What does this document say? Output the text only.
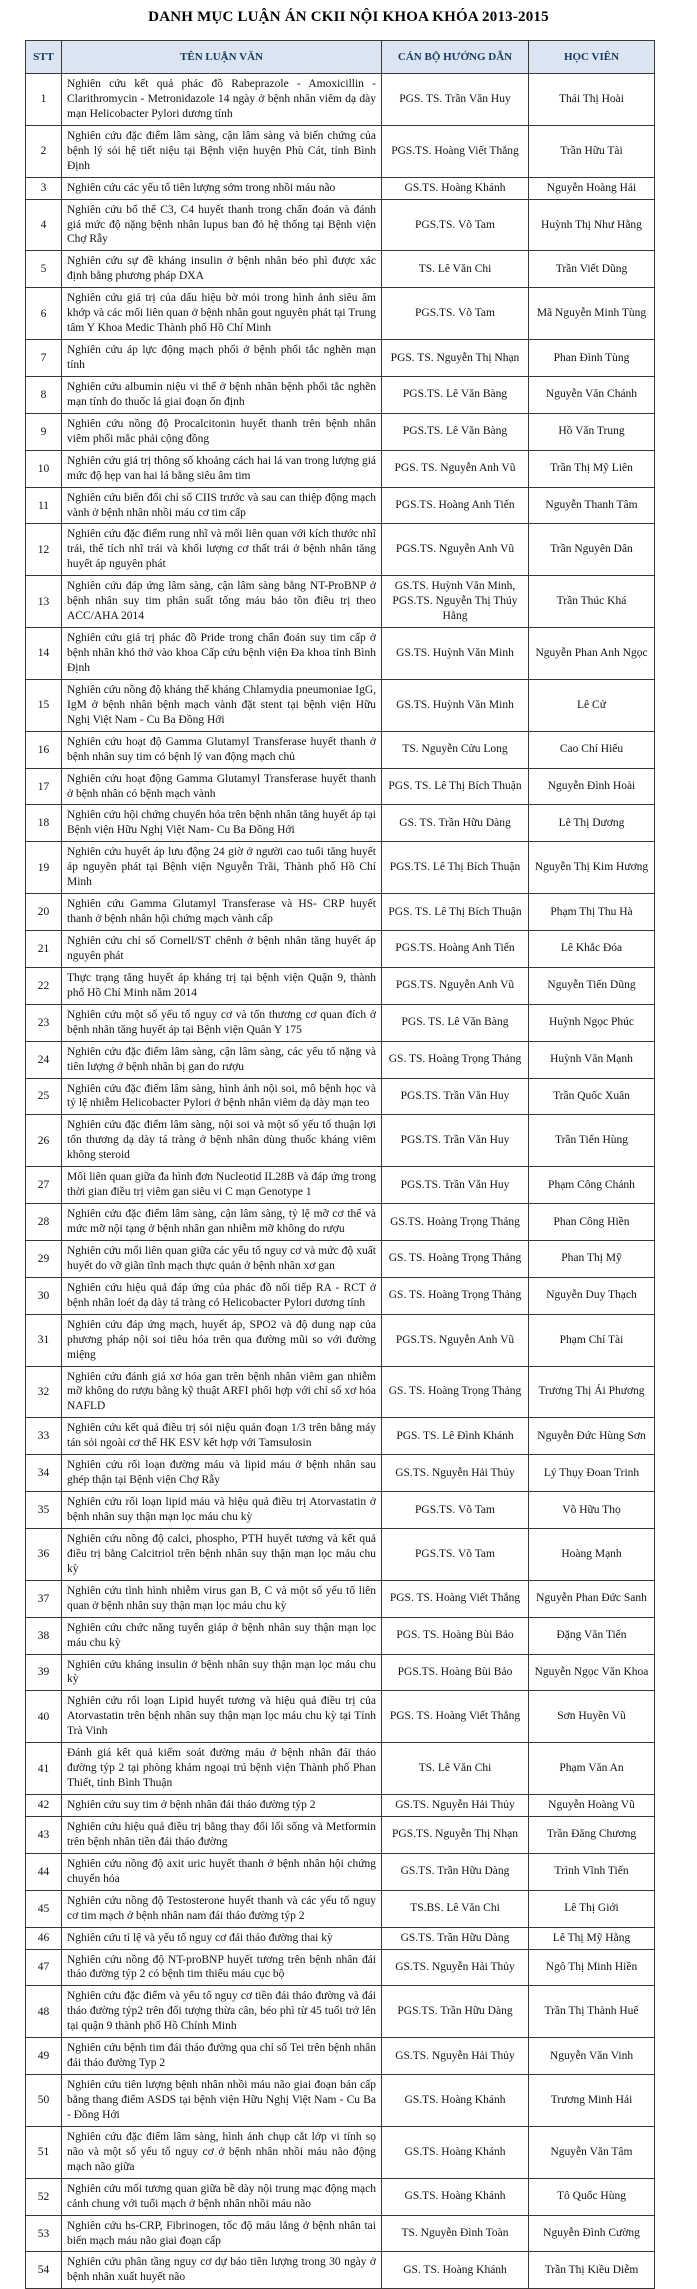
DANH MỤC LUẬN ÁN CKII NỘI KHOA KHÓA 2013-2015
STT	TÊN LUẬN VĂN	CÁN BỘ HƯỚNG DẪN	HỌC VIÊN
1	Nghiên cứu kết quả phác đồ Rabeprazole - Amoxicillin - Clarithromycin - Metronidazole 14 ngày ở bệnh nhân viêm dạ dày mạn Helicobacter Pylori dương tính	PGS. TS. Trần Văn Huy	Thái Thị Hoài
2	Nghiên cứu đặc điểm lâm sàng, cận lâm sàng và biến chứng của bệnh lý sỏi hệ tiết niệu tại Bệnh viện huyện Phù Cát, tỉnh Bình Định	PGS.TS. Hoàng Viết Thắng	Trần Hữu Tài
3	Nghiên cứu các yếu tố tiên lượng sớm trong nhồi máu não	GS.TS. Hoàng Khánh	Nguyễn Hoàng Hải
4	Nghiên cứu bổ thể C3, C4 huyết thanh trong chẩn đoán và đánh giá mức độ nặng bệnh nhân lupus ban đỏ hệ thống tại Bệnh viện Chợ Rẫy	PGS.TS. Võ Tam	Huỳnh Thị Như Hằng
5	Nghiên cứu sự đề kháng insulin ở bệnh nhân béo phì được xác định bằng phương pháp DXA	TS. Lê Văn Chi	Trần Viết Dũng
6	Nghiên cứu giá trị của dấu hiệu bờ mỏi trong hình ảnh siêu âm khớp và các mối liên quan ở bệnh nhân gout nguyên phát tại Trung tâm Y Khoa Medic Thành phố Hồ Chí Minh	PGS.TS. Võ Tam	Mã Nguyễn Minh Tùng
7	Nghiên cứu áp lực động mạch phổi ở bệnh phổi tắc nghẽn mạn tính	PGS. TS. Nguyễn Thị Nhạn	Phan Đình Tùng
8	Nghiên cứu albumin niệu vi thể ở bệnh nhân bệnh phổi tắc nghẽn mạn tính do thuốc lá giai đoạn ổn định	PGS.TS. Lê Văn Bàng	Nguyễn Văn Chánh
9	Nghiên cứu nồng độ Procalcitonin huyết thanh trên bệnh nhân viêm phổi mắc phải cộng đồng	PGS.TS. Lê Văn Bàng	Hồ Văn Trung
10	Nghiên cứu giá trị thông số khoảng cách hai lá van trong lượng giá mức độ hẹp van hai lá bằng siêu âm tim	PGS. TS. Nguyễn Anh Vũ	Trần Thị Mỹ Liên
11	Nghiên cứu biến đổi chỉ số CIIS trước và sau can thiệp động mạch vành ở bệnh nhân nhồi máu cơ tim cấp	PGS.TS. Hoàng Anh Tiến	Nguyễn Thanh Tâm
12	Nghiên cứu đặc điểm rung nhĩ và mối liên quan với kích thước nhĩ trái, thể tích nhĩ trái và khối lượng cơ thất trái ở bệnh nhân tăng huyết áp nguyên phát	PGS.TS. Nguyễn Anh Vũ	Trần Nguyên Dân
13	Nghiên cứu đáp ứng lâm sàng, cận lâm sàng bằng NT-ProBNP ở bệnh nhân suy tim phân suất tống máu bảo tồn điều trị theo ACC/AHA 2014	GS.TS. Huỳnh Văn Minh, PGS.TS. Nguyễn Thị Thúy Hằng	Trần Thúc Khá
14	Nghiên cứu giá trị phác đồ Pride trong chẩn đoán suy tim cấp ở bệnh nhân khó thở vào khoa Cấp cứu bệnh viện Đa khoa tỉnh Bình Định	GS.TS. Huỳnh Văn Minh	Nguyễn Phan Anh Ngọc
15	Nghiên cứu nồng độ kháng thể kháng Chlamydia pneumoniae IgG, IgM ở bệnh nhân bệnh mạch vành đặt stent tại bệnh viện Hữu Nghị Việt Nam - Cu Ba Đồng Hới	GS.TS. Huỳnh Văn Minh	Lê Cử
16	Nghiên cứu hoạt độ Gamma Glutamyl Transferase huyết thanh ở bệnh nhân suy tim có bệnh lý van động mạch chủ	TS. Nguyễn Cửu Long	Cao Chí Hiếu
17	Nghiên cứu hoạt động Gamma Glutamyl Transferase huyết thanh ở bệnh nhân có bệnh mạch vành	PGS. TS. Lê Thị Bích Thuận	Nguyễn Đình Hoài
18	Nghiên cứu hội chứng chuyển hóa trên bệnh nhân tăng huyết áp tại Bệnh viện Hữu Nghị Việt Nam- Cu Ba Đồng Hới	GS. TS. Trần Hữu Dàng	Lê Thị Dương
19	Nghiên cứu huyết áp lưu động 24 giờ ở người cao tuổi tăng huyết áp nguyên phát tại Bệnh viện Nguyễn Trãi, Thành phố Hồ Chí Minh	PGS.TS. Lê Thị Bích Thuận	Nguyễn Thị Kim Hương
20	Nghiên cứu Gamma Glutamyl Transferase và HS- CRP huyết thanh ở bệnh nhân hội chứng mạch vành cấp	PGS. TS. Lê Thị Bích Thuận	Phạm Thị Thu Hà
21	Nghiên cứu chỉ số Cornell/ST chênh ở bệnh nhân tăng huyết áp nguyên phát	PGS.TS. Hoàng Anh Tiến	Lê Khắc Đóa
22	Thực trạng tăng huyết áp kháng trị tại bệnh viện Quận 9, thành phố Hồ Chí Minh năm 2014	PGS.TS. Nguyễn Anh Vũ	Nguyễn Tiến Dũng
23	Nghiên cứu một số yếu tố nguy cơ và tổn thương cơ quan đích ở bệnh nhân tăng huyết áp tại Bệnh viện Quân Y 175	PGS. TS. Lê Văn Bàng	Huỳnh Ngọc Phúc
24	Nghiên cứu đặc điểm lâm sàng, cận lâm sàng, các yếu tố nặng và tiên lượng ở bệnh nhân bị gan do rượu	GS. TS. Hoàng Trọng Thảng	Huỳnh Văn Mạnh
25	Nghiên cứu đặc điểm lâm sàng, hình ảnh nội soi, mô bệnh học và tỷ lệ nhiễm Helicobacter Pylori ở bệnh nhân viêm dạ dày mạn teo	PGS.TS. Trần Văn Huy	Trần Quốc Xuân
26	Nghiên cứu đặc điểm lâm sàng, nội soi và một số yếu tố thuận lợi tổn thương dạ dày tá tràng ở bệnh nhân dùng thuốc kháng viêm không steroid	PGS.TS. Trần Văn Huy	Trần Tiến Hùng
27	Mối liên quan giữa đa hình đơn Nucleotid IL28B và đáp ứng trong thời gian điều trị viêm gan siêu vi C mạn Genotype 1	PGS.TS. Trần Văn Huy	Phạm Công Chánh
28	Nghiên cứu đặc điểm lâm sàng, cận lâm sàng, tỷ lệ mỡ cơ thể và mức mỡ nội tạng ở bệnh nhân gan nhiễm mỡ không do rượu	GS.TS. Hoàng Trọng Thảng	Phan Công Hiền
29	Nghiên cứu mối liên quan giữa các yếu tố nguy cơ và mức độ xuất huyết do vỡ giãn tĩnh mạch thực quản ở bệnh nhân xơ gan	GS. TS. Hoàng Trọng Thảng	Phan Thị Mỹ
30	Nghiên cứu hiệu quả đáp ứng của phác đồ nối tiếp RA - RCT ở bệnh nhân loét dạ dày tá tràng có Helicobacter Pylori dương tính	GS. TS. Hoàng Trọng Thảng	Nguyễn Duy Thạch
31	Nghiên cứu đáp ứng mạch, huyết áp, SPO2 và độ dung nạp của phương pháp nội soi tiêu hóa trên qua đường mũi so với đường miệng	PGS.TS. Nguyễn Anh Vũ	Phạm Chí Tài
32	Nghiên cứu đánh giá xơ hóa gan trên bệnh nhân viêm gan nhiễm mỡ không do rượu bằng kỹ thuật ARFI phối hợp với chỉ số xơ hóa NAFLD	GS. TS. Hoàng Trọng Thảng	Trương Thị Ái Phương
33	Nghiên cứu kết quả điều trị sỏi niệu quản đoạn 1/3 trên bằng máy tán sỏi ngoài cơ thể HK ESV kết hợp với Tamsulosin	PGS. TS. Lê Đình Khánh	Nguyễn Đức Hùng Sơn
34	Nghiên cứu rối loạn đường máu và lipid máu ở bệnh nhân sau ghép thận tại Bệnh viện Chợ Rẫy	GS.TS. Nguyễn Hải Thủy	Lý Thụy Đoan Trinh
35	Nghiên cứu rối loạn lipid máu và hiệu quả điều trị Atorvastatin ở bệnh nhân suy thận mạn lọc máu chu kỳ	PGS.TS. Võ Tam	Võ Hữu Thọ
36	Nghiên cứu nồng độ calci, phospho, PTH huyết tương và kết quả điều trị bằng Calcitriol trên bệnh nhân suy thận mạn lọc máu chu kỳ	PGS.TS. Võ Tam	Hoàng Mạnh
37	Nghiên cứu tình hình nhiễm virus gan B, C và một số yếu tố liên quan ở bệnh nhân suy thận mạn lọc máu chu kỳ	PGS. TS. Hoàng Viết Thắng	Nguyễn Phan Đức Sanh
38	Nghiên cứu chức năng tuyến giáp ở bệnh nhân suy thận mạn lọc máu chu kỳ	PGS. TS. Hoàng Bùi Bảo	Đặng Văn Tiến
39	Nghiên cứu kháng insulin ở bệnh nhân suy thận mạn lọc máu chu kỳ	PGS.TS. Hoàng Bùi Bảo	Nguyễn Ngọc Văn Khoa
40	Nghiên cứu rối loạn Lipid huyết tương và hiệu quả điều trị của Atorvastatin trên bệnh nhân suy thận mạn lọc máu chu kỳ tại Tỉnh Trà Vinh	PGS. TS. Hoàng Viết Thắng	Sơn Huyền Vũ
41	Đánh giá kết quả kiểm soát đường máu ở bệnh nhân đái tháo đường týp 2 tại phòng khám ngoại trú bệnh viện Thành phố Phan Thiết, tỉnh Bình Thuận	TS. Lê Văn Chi	Phạm Văn An
42	Nghiên cứu suy tim ở bệnh nhân đái tháo đường týp 2	GS.TS. Nguyễn Hải Thủy	Nguyễn Hoàng Vũ
43	Nghiên cứu hiệu quả điều trị bằng thay đổi lối sống và Metformin trên bệnh nhân tiền đái tháo đường	PGS.TS. Nguyễn Thị Nhạn	Trần Đăng Chương
44	Nghiên cứu nồng độ axit uric huyết thanh ở bệnh nhân hội chứng chuyển hóa	GS.TS. Trần Hữu Dàng	Trình Vĩnh Tiến
45	Nghiên cứu nồng độ Testosterone huyết thanh và các yếu tố nguy cơ tim mạch ở bệnh nhân nam đái tháo đường týp 2	TS.BS. Lê Văn Chi	Lê Thị Giới
46	Nghiên cứu tỉ lệ và yếu tố nguy cơ đái tháo đường thai kỳ	GS.TS. Trần Hữu Dàng	Lê Thị Mỹ Hằng
47	Nghiên cứu nồng độ NT-proBNP huyết tương trên bệnh nhân đái tháo đường týp 2 có bệnh tim thiếu máu cục bộ	GS.TS. Nguyễn Hải Thủy	Ngô Thị Minh Hiền
48	Nghiên cứu đặc điểm và yếu tố nguy cơ tiền đái tháo đường và đái tháo đường týp2 trên đối tượng thừa cân, béo phì từ 45 tuổi trở lên tại quận 9 thành phố Hồ Chính Minh	PGS.TS. Trần Hữu Dàng	Trần Thị Thành Huế
49	Nghiên cứu bệnh tim đái tháo đường qua chỉ số Tei trên bệnh nhân đái tháo đường Typ 2	GS.TS. Nguyễn Hải Thủy	Nguyễn Văn Vinh
50	Nghiên cứu tiên lượng bệnh nhân nhồi máu não giai đoạn bán cấp bằng thang điểm ASDS tại bệnh viện Hữu Nghị Việt Nam - Cu Ba - Đồng Hới	GS.TS. Hoàng Khánh	Trương Minh Hải
51	Nghiên cứu đặc điểm lâm sàng, hình ảnh chụp cắt lớp vi tính sọ não và một số yếu tố nguy cơ ở bệnh nhân nhồi máu não động mạch não giữa	GS.TS. Hoàng Khánh	Nguyễn Văn Tâm
52	Nghiên cứu mối tương quan giữa bề dày nội trung mạc động mạch cảnh chung với tuổi mạch ở bệnh nhân nhồi máu não	GS.TS. Hoàng Khánh	Tô Quốc Hùng
53	Nghiên cứu hs-CRP, Fibrinogen, tốc độ máu lắng ở bệnh nhân tai biến mạch máu não giai đoạn cấp	TS. Nguyễn Đình Toàn	Nguyễn Đình Cường
54	Nghiên cứu phân tầng nguy cơ dự báo tiên lượng trong 30 ngày ở bệnh nhân xuất huyết não	GS. TS. Hoàng Khánh	Trần Thị Kiều Diễm
